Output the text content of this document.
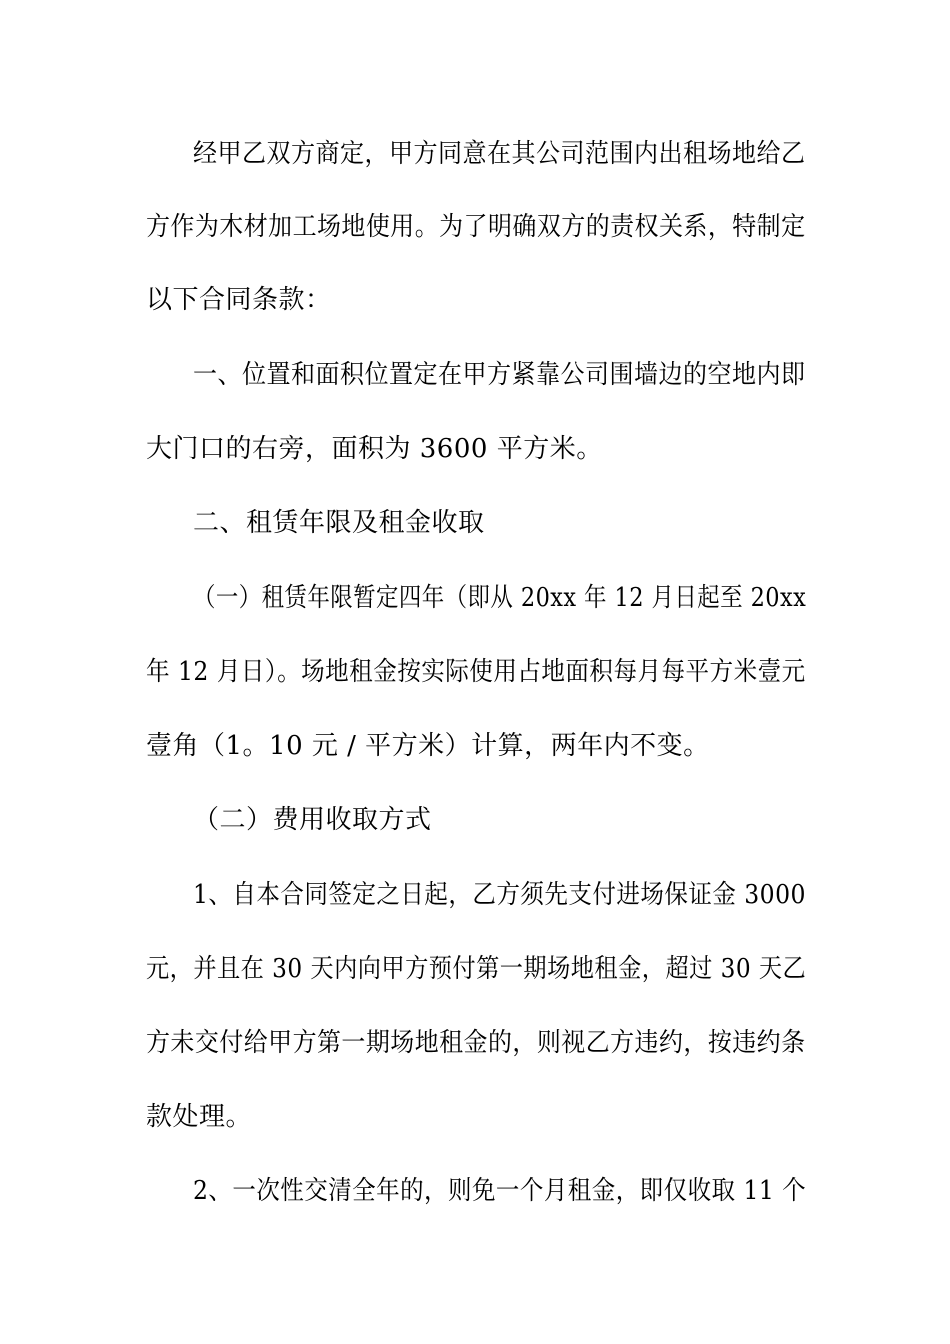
经甲乙双方商定，甲方同意在其公司范围内出租场地给乙
方作为木材加工场地使用。为了明确双方的责权关系，特制定
以下合同条款：
一、位置和面积位置定在甲方紧靠公司围墙边的空地内即
大门口的右旁，面积为 3600 平方米。
二、租赁年限及租金收取
（一）租赁年限暂定四年（即从 20xx 年 12 月日起至 20xx
年 12 月日）。场地租金按实际使用占地面积每月每平方米壹元
壹角（1。10 元 / 平方米）计算，两年内不变。
（二）费用收取方式
1、自本合同签定之日起，乙方须先支付进场保证金 3000
元，并且在 30 天内向甲方预付第一期场地租金，超过 30 天乙
方未交付给甲方第一期场地租金的，则视乙方违约，按违约条
款处理。
2、一次性交清全年的，则免一个月租金，即仅收取 11 个
